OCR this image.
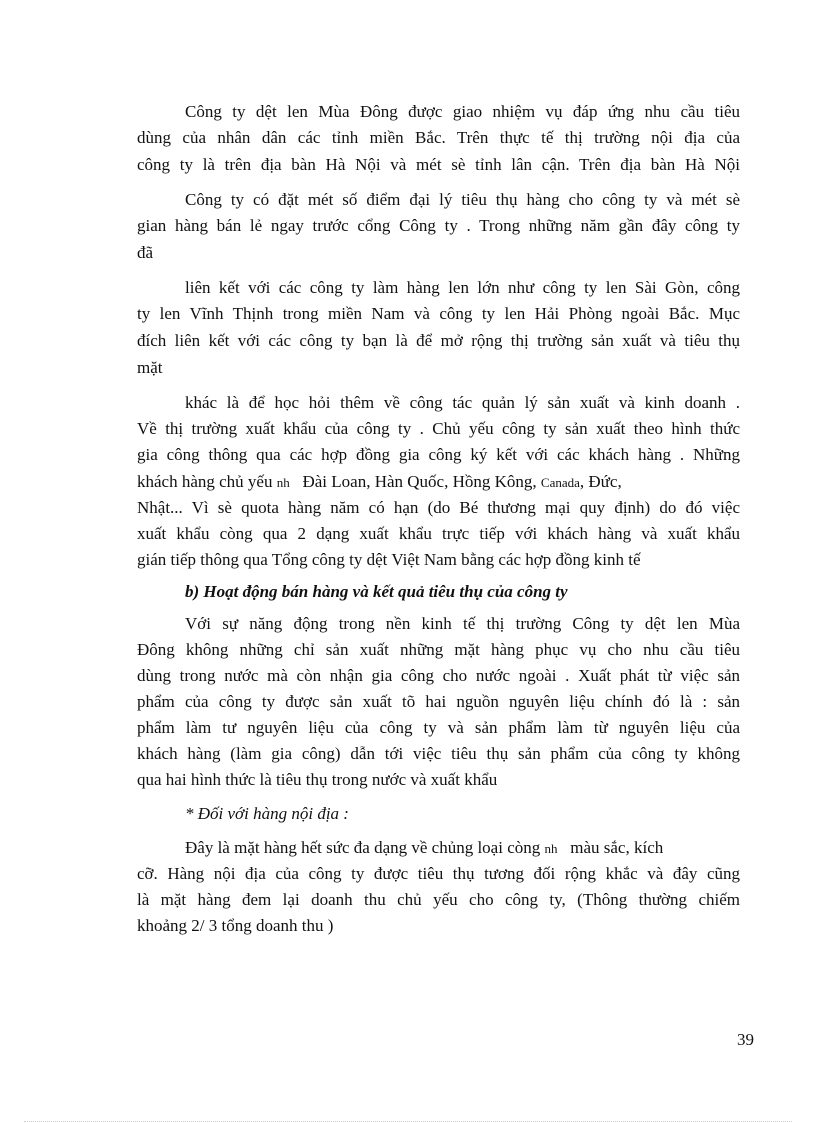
Công ty dệt len Mùa Đông được giao nhiệm vụ đáp ứng nhu cầu tiêu
dùng của nhân dân các tỉnh miền Bắc. Trên thực tế thị trường nội địa của
công ty là trên địa bàn Hà Nội và mét sè tỉnh lân cận. Trên địa bàn Hà Nội
Công ty có đặt mét số điểm đại lý tiêu thụ hàng cho công ty và mét sè
gian hàng bán lẻ ngay trước cổng Công ty . Trong những năm gần đây công ty
đã
liên kết với các công ty làm hàng len lớn như công ty len Sài Gòn, công
ty len Vĩnh Thịnh trong miền Nam và công ty len Hải Phòng ngoài Bắc. Mục
đích liên kết với các công ty bạn là để mở rộng thị trường sản xuất và tiêu thụ
mặt
khác là để học hỏi thêm về công tác quản lý sản xuất và kinh doanh .
Về thị trường xuất khẩu của công ty . Chủ yếu công ty sản xuất theo hình thức
gia công thông qua các hợp đồng gia công ký kết với các khách hàng . Những
khách hàng chủ yếu nh Đài Loan, Hàn Quốc, Hồng Kông, Canada, Đức,
Nhật... Vì sè quota hàng năm có hạn (do Bé thương mại quy định) do đó việc
xuất khẩu còng qua 2 dạng xuất khẩu trực tiếp với khách hàng và xuất khẩu
gián tiếp thông qua Tổng công ty dệt Việt Nam bằng các hợp đồng kinh tế
b) Hoạt động bán hàng và kết quả tiêu thụ của công ty
Với sự năng động trong nền kinh tế thị trường Công ty dệt len Mùa
Đông không những chỉ sản xuất những mặt hàng phục vụ cho nhu cầu tiêu
dùng trong nước mà còn nhận gia công cho nước ngoài . Xuất phát từ việc sản
phẩm của công ty được sản xuất tõ hai nguồn nguyên liệu chính đó là : sản
phẩm làm tư nguyên liệu của công ty và sản phẩm làm từ nguyên liệu của
khách hàng (làm gia công) dẫn tới việc tiêu thụ sản phẩm của công ty không
qua hai hình thức là tiêu thụ trong nước và xuất khẩu
* Đối với hàng nội địa :
Đây là mặt hàng hết sức đa dạng về chủng loại còng nh màu sắc, kích
cỡ. Hàng nội địa của công ty được tiêu thụ tương đối rộng khắc và đây cũng
là mặt hàng đem lại doanh thu chủ yếu cho công ty, (Thông thường chiếm
khoảng 2/ 3 tổng doanh thu )
39
